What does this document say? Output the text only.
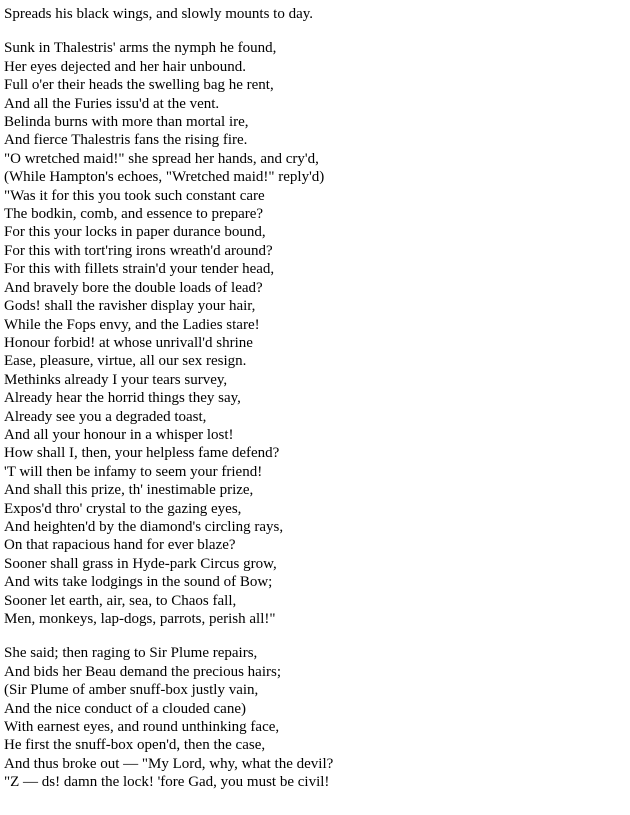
Spreads his black wings, and slowly mounts to day.
Sunk in Thalestris' arms the nymph he found,
Her eyes dejected and her hair unbound.
Full o'er their heads the swelling bag he rent,
And all the Furies issu'd at the vent.
Belinda burns with more than mortal ire,
And fierce Thalestris fans the rising fire.
"O wretched maid!" she spread her hands, and cry'd,
(While Hampton's echoes, "Wretched maid!" reply'd)
"Was it for this you took such constant care
The bodkin, comb, and essence to prepare?
For this your locks in paper durance bound,
For this with tort'ring irons wreath'd around?
For this with fillets strain'd your tender head,
And bravely bore the double loads of lead?
Gods! shall the ravisher display your hair,
While the Fops envy, and the Ladies stare!
Honour forbid! at whose unrivall'd shrine
Ease, pleasure, virtue, all our sex resign.
Methinks already I your tears survey,
Already hear the horrid things they say,
Already see you a degraded toast,
And all your honour in a whisper lost!
How shall I, then, your helpless fame defend?
'T will then be infamy to seem your friend!
And shall this prize, th' inestimable prize,
Expos'd thro' crystal to the gazing eyes,
And heighten'd by the diamond's circling rays,
On that rapacious hand for ever blaze?
Sooner shall grass in Hyde-park Circus grow,
And wits take lodgings in the sound of Bow;
Sooner let earth, air, sea, to Chaos fall,
Men, monkeys, lap-dogs, parrots, perish all!"
She said; then raging to Sir Plume repairs,
And bids her Beau demand the precious hairs;
(Sir Plume of amber snuff-box justly vain,
And the nice conduct of a clouded cane)
With earnest eyes, and round unthinking face,
He first the snuff-box open'd, then the case,
And thus broke out — "My Lord, why, what the devil?
"Z — ds! damn the lock! 'fore Gad, you must be civil!
